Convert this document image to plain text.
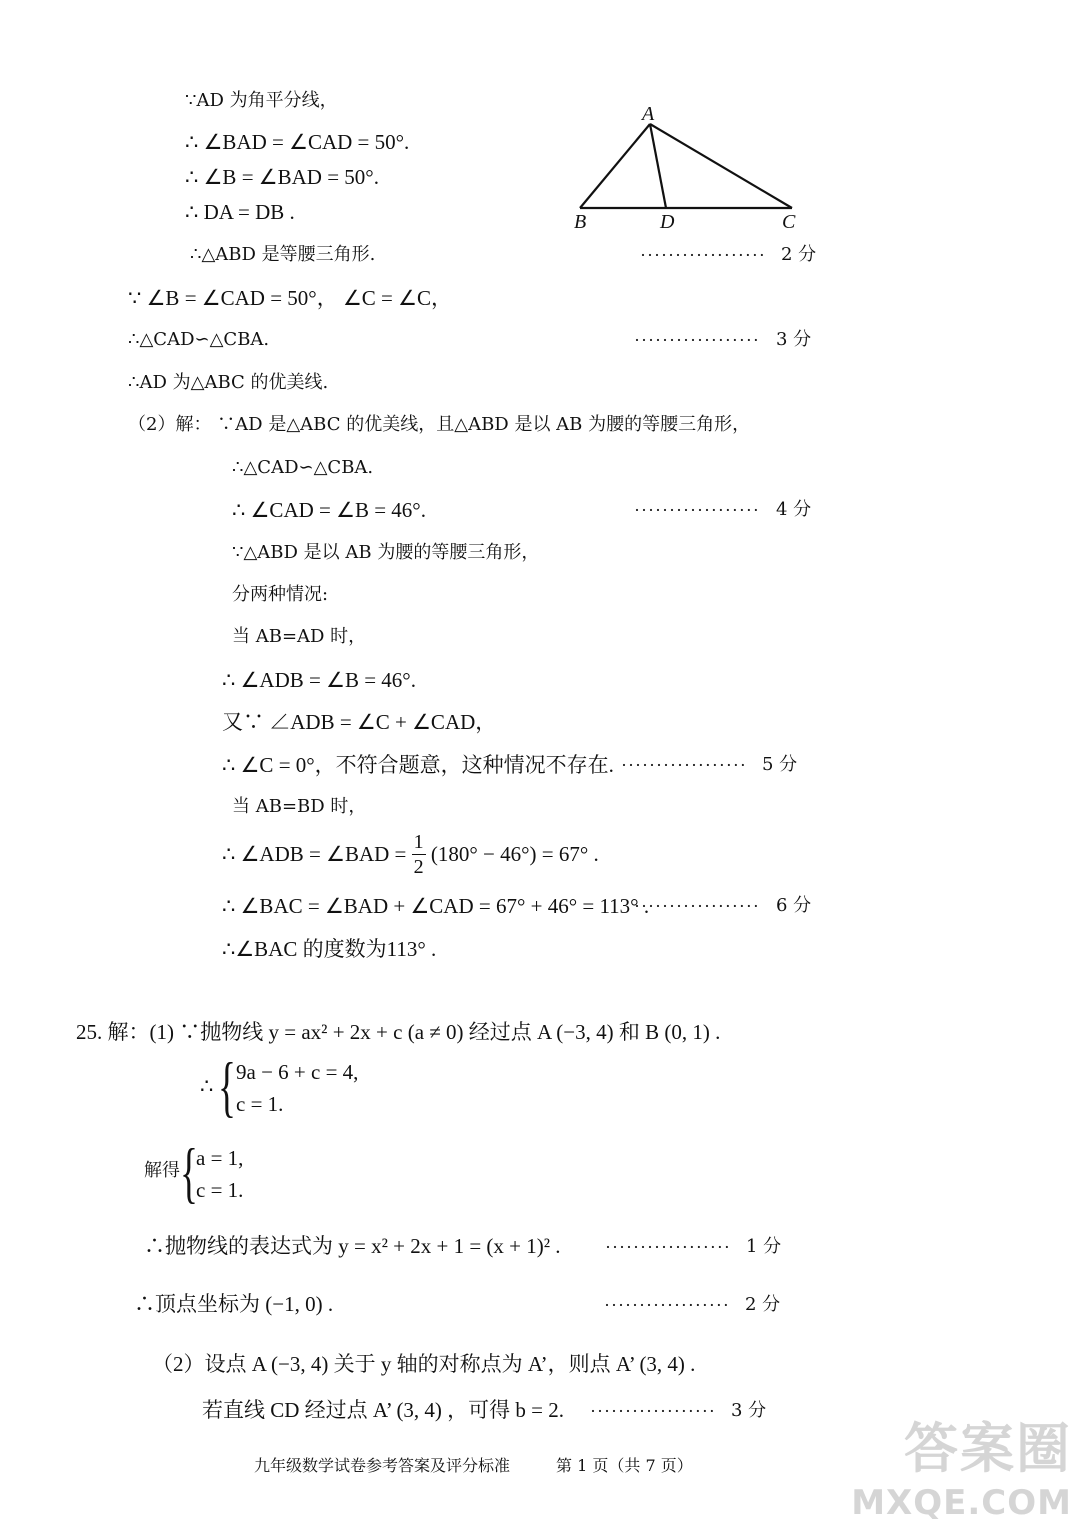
A
B	D	C
∵AD 为角平分线，
∴ ∠BAD = ∠CAD = 50°.
∴ ∠B = ∠BAD = 50°.
∴ DA = DB .
∴△ABD 是等腰三角形.	·················· 2 分
∵ ∠B = ∠CAD = 50°， ∠C = ∠C，
∴△CAD∽△CBA.	·················· 3 分
∴AD 为△ABC 的优美线.
（2）解： ∵AD 是△ABC 的优美线，且△ABD 是以 AB 为腰的等腰三角形，
∴△CAD∽△CBA.
∴ ∠CAD = ∠B = 46°.	·················· 4 分
∵△ABD 是以 AB 为腰的等腰三角形，
分两种情况:
当 AB=AD 时，
∴ ∠ADB = ∠B = 46°.
又∵ ∠ADB = ∠C + ∠CAD，
∴ ∠C = 0°，不符合题意，这种情况不存在. ·················· 5 分
当 AB=BD 时，
∴ ∠ADB = ∠BAD = $\frac{1}{2} (180^\circ - 46^\circ) = 67^\circ$ .
∴ ∠BAC = ∠BAD + ∠CAD = 67° + 46° = 113° .
·················· 6 分
∴∠BAC 的度数为113° .
25. 解：(1) ∵抛物线 y = ax² + 2x + c (a ≠ 0) 经过点 A (−3, 4) 和 B (0, 1) .
∴ { 9a − 6 + c = 4,
c = 1.
解得 {
a = 1,
c = 1.
∴抛物线的表达式为 y = x² + 2x + 1 = (x + 1)² . ·················· 1 分
∴顶点坐标为 (−1, 0) .	·················· 2 分
（2）设点 A (−3, 4) 关于 y 轴的对称点为 A’，则点 A’ (3, 4) .
若直线 CD 经过点 A’ (3, 4) ，可得 b = 2. ·················· 3 分
九年级数学试卷参考答案及评分标准	第 1 页（共 7 页）	答案圈
MXQE.COM
